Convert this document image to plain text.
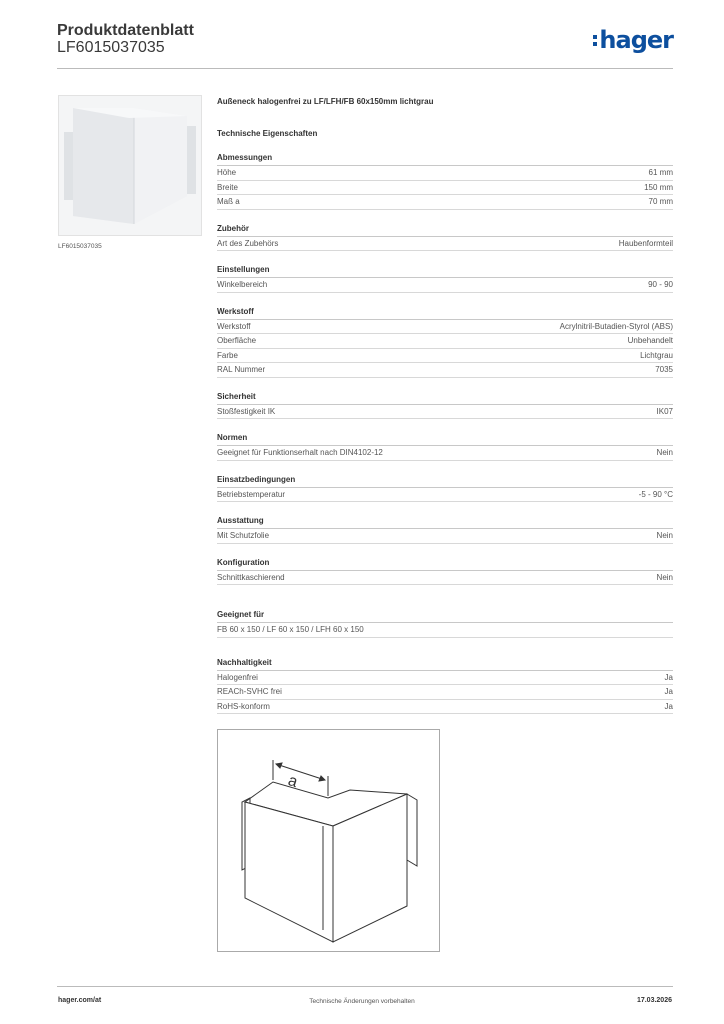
Produktdatenblatt
LF6015037035	hager
LF6015037035
Außeneck halogenfrei zu LF/LFH/FB 60x150mm lichtgrau
Technische Eigenschaften
Abmessungen
Höhe	61 mm
Breite	150 mm
Maß a	70 mm
Zubehör
Art des Zubehörs	Haubenformteil
Einstellungen
Winkelbereich	90 - 90
Werkstoff
Werkstoff	Acrylnitril-Butadien-Styrol (ABS)
Oberfläche	Unbehandelt
Farbe	Lichtgrau
RAL Nummer	7035
Sicherheit
Stoßfestigkeit IK	IK07
Normen
Geeignet für Funktionserhalt nach DIN4102-12	Nein
Einsatzbedingungen
Betriebstemperatur	-5 - 90 °C
Ausstattung
Mit Schutzfolie	Nein
Konfiguration
Schnittkaschierend	Nein
Geeignet für
FB 60 x 150 / LF 60 x 150 / LFH 60 x 150
Nachhaltigkeit
Halogenfrei	Ja
REACh-SVHC frei	Ja
RoHS-konform	Ja
a
hager.com/at	Technische Änderungen vorbehalten	17.03.2026
